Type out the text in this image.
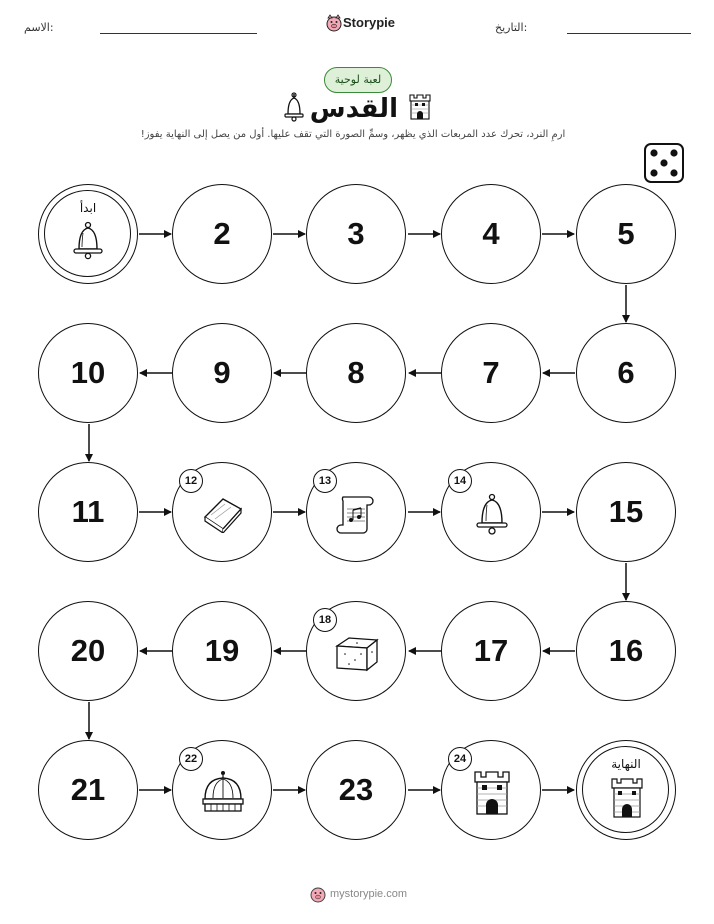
الاسم:	Storypie	التاريخ:
لعبة لوحية
القدس
ارمِ النرد، تحرك عدد المربعات الذي يظهر، وسمِّ الصورة التي تقف عليها. أول من يصل إلى النهاية يفوز!
ابدأ
2	3	4	5
10	9	8	7	6
11
12	13	14
15
20	19
18
17	16
21
22
23
24	النهاية
mystorypie.com
